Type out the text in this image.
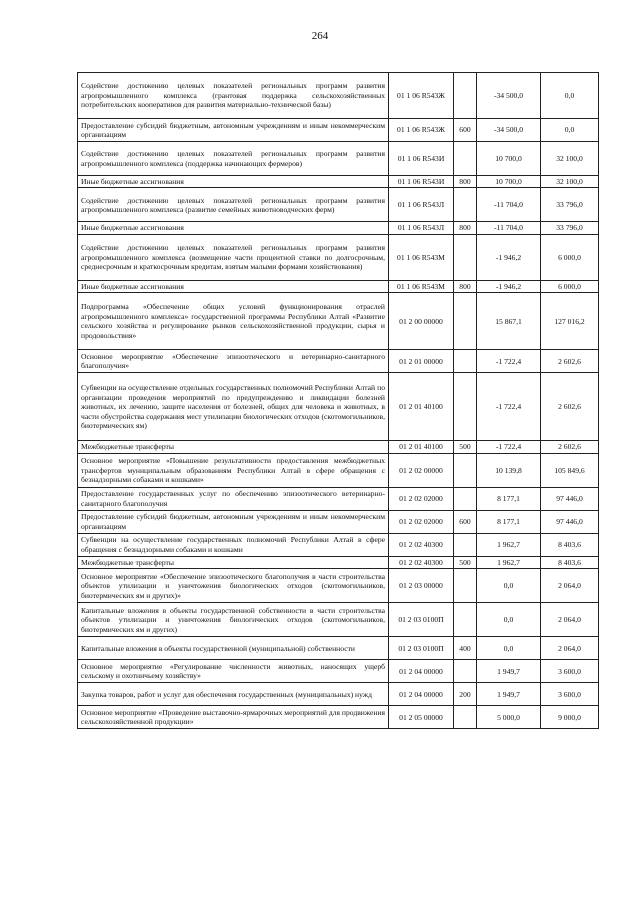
264
Содействие достижению целевых показателей региональных программ развития агропромышленного комплекса (грантовая поддержка сельскохозяйственных потребительских кооперативов для развития материально-технической базы)	01 1 06 R543Ж		-34 500,0	0,0
Предоставление субсидий бюджетным, автономным учреждениям и иным некоммерческим организациям	01 1 06 R543Ж	600	-34 500,0	0,0
Содействие достижению целевых показателей региональных программ развития агропромышленного комплекса (поддержка начинающих фермеров)	01 1 06 R543И		10 700,0	32 100,0
Иные бюджетные ассигнования	01 1 06 R543И	800	10 700,0	32 100,0
Содействие достижению целевых показателей региональных программ развития агропромышленного комплекса (развитие семейных животноводческих ферм)	01 1 06 R543Л		-11 704,0	33 796,0
Иные бюджетные ассигнования	01 1 06 R543Л	800	-11 704,0	33 796,0
Содействие достижению целевых показателей региональных программ развития агропромышленного комплекса (возмещение части процентной ставки по долгосрочным, среднесрочным и краткосрочным кредитам, взятым малыми формами хозяйствования)	01 1 06 R543М		-1 946,2	6 000,0
Иные бюджетные ассигнования	01 1 06 R543М	800	-1 946,2	6 000,0
Подпрограмма «Обеспечение общих условий функционирования отраслей агропромышленного комплекса» государственной программы Республики Алтай «Развитие сельского хозяйства и регулирование рынков сельскохозяйственной продукции, сырья и продовольствия»	01 2 00 00000		15 867,1	127 016,2
Основное мероприятие «Обеспечение эпизоотического и ветеринарно-санитарного благополучия»	01 2 01 00000		-1 722,4	2 602,6
Субвенции на осуществление отдельных государственных полномочий Республики Алтай по организации проведения мероприятий по предупреждению и ликвидации болезней животных, их лечению, защите населения от болезней, общих для человека и животных, в части обустройства содержания мест утилизации биологических отходов (скотомогильников, биотермических ям)	01 2 01 40100		-1 722,4	2 602,6
Межбюджетные трансферты	01 2 01 40100	500	-1 722,4	2 602,6
Основное мероприятие «Повышение результативности предоставления межбюджетных трансфертов муниципальным образованиям Республики Алтай в сфере обращения с безнадзорными собаками и кошками»	01 2 02 00000		10 139,8	105 849,6
Предоставление государственных услуг по обеспечению эпизоотического ветеринарно-санитарного благополучия	01 2 02 02000		8 177,1	97 446,0
Предоставление субсидий бюджетным, автономным учреждениям и иным некоммерческим организациям	01 2 02 02000	600	8 177,1	97 446,0
Субвенции на осуществление государственных полномочий Республики Алтай в сфере обращения с безнадзорными собаками и кошками	01 2 02 40300		1 962,7	8 403,6
Межбюджетные трансферты	01 2 02 40300	500	1 962,7	8 403,6
Основное мероприятие «Обеспечение эпизоотического благополучия в части строительства объектов утилизации и уничтожения биологических отходов (скотомогильников, биотермических ям и других)»	01 2 03 00000		0,0	2 064,0
Капитальные вложения в объекты государственной собственности в части строительства объектов утилизации и уничтожения биологических отходов (скотомогильников, биотермических ям и других)	01 2 03 0100П		0,0	2 064,0
Капитальные вложения в объекты государственной (муниципальной) собственности	01 2 03 0100П	400	0,0	2 064,0
Основное мероприятие «Регулирование численности животных, наносящих ущерб сельскому и охотничьему хозяйству»	01 2 04 00000		1 949,7	3 600,0
Закупка товаров, работ и услуг для обеспечения государственных (муниципальных) нужд	01 2 04 00000	200	1 949,7	3 600,0
Основное мероприятие «Проведение выставочно-ярмарочных мероприятий для продвижения сельскохозяйственной продукции»	01 2 05 00000		5 000,0	9 000,0
